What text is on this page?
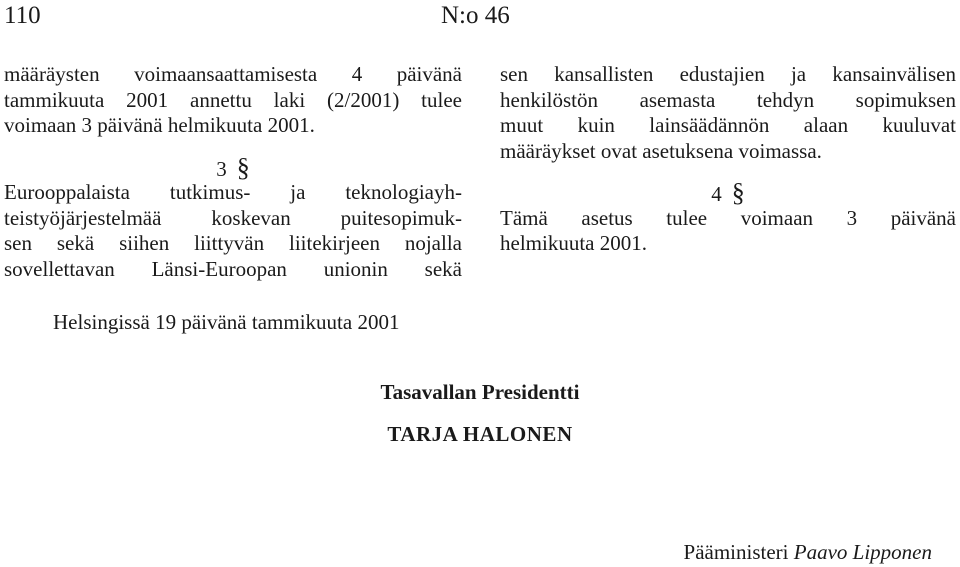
110	N:o 46
määräysten voimaansaattamisesta 4 päivänä
tammikuuta 2001 annettu laki (2/2001) tulee
voimaan 3 päivänä helmikuuta 2001.
3 §
Eurooppalaista tutkimus- ja teknologiayh-
teistyöjärjestelmää koskevan puitesopimuk-
sen sekä siihen liittyvän liitekirjeen nojalla
sovellettavan Länsi-Euroopan unionin sekä
sen kansallisten edustajien ja kansainvälisen
henkilöstön asemasta tehdyn sopimuksen
muut kuin lainsäädännön alaan kuuluvat
määräykset ovat asetuksena voimassa.
4 §
Tämä asetus tulee voimaan 3 päivänä
helmikuuta 2001.
Helsingissä 19 päivänä tammikuuta 2001
Tasavallan Presidentti
TARJA HALONEN
Pääministeri Paavo Lipponen
